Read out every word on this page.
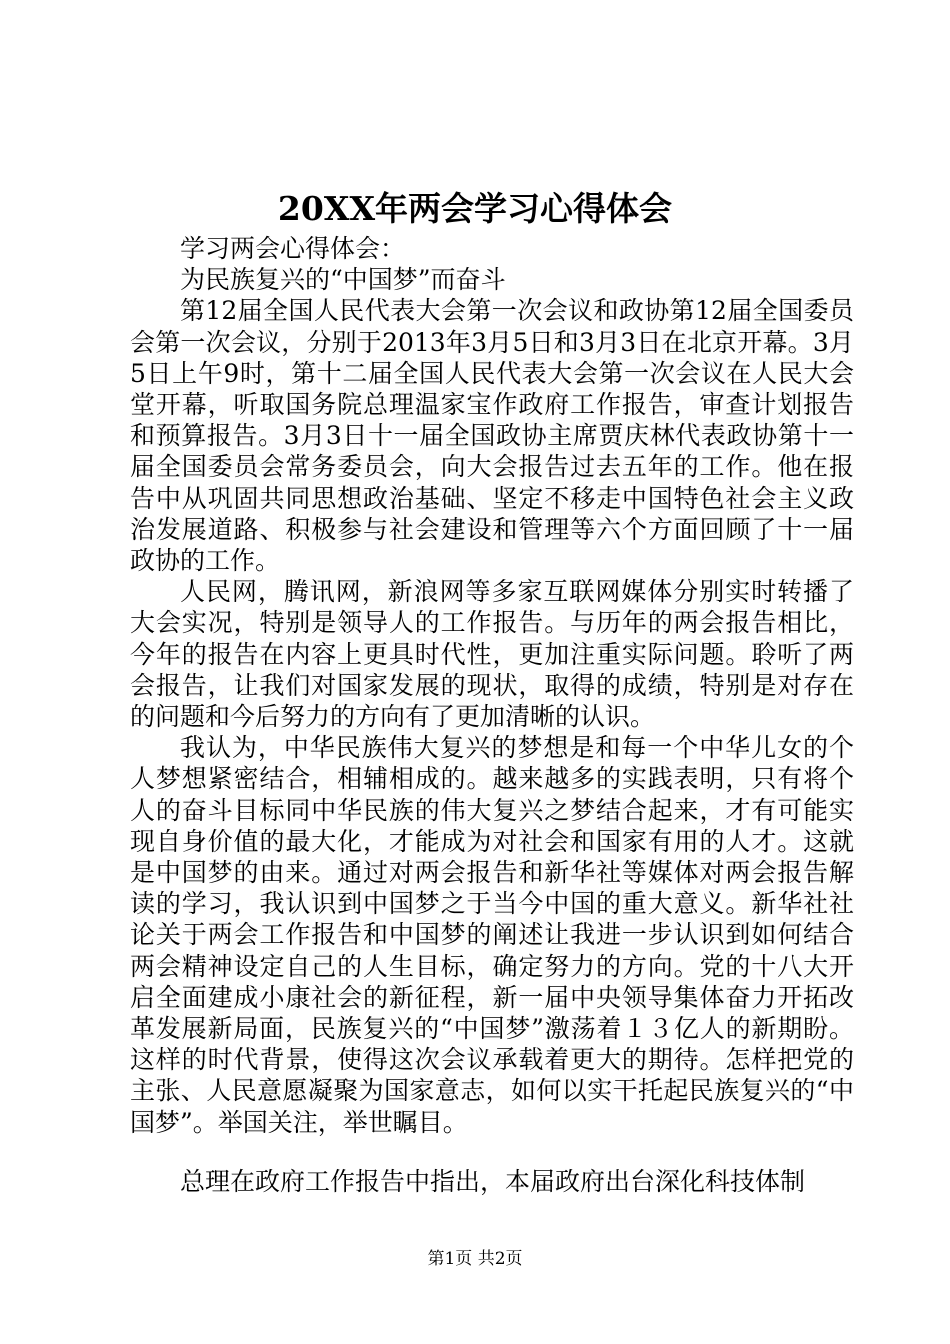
20XX年两会学习心得体会

学习两会心得体会：

为民族复兴的“中国梦”而奋斗

第12届全国人民代表大会第一次会议和政协第12届全国委员会第一次会议，分别于2013年3月5日和3月3日在北京开幕。3月5日上午9时，第十二届全国人民代表大会第一次会议在人民大会堂开幕，听取国务院总理温家宝作政府工作报告，审查计划报告和预算报告。3月3日十一届全国政协主席贾庆林代表政协第十一届全国委员会常务委员会，向大会报告过去五年的工作。他在报告中从巩固共同思想政治基础、坚定不移走中国特色社会主义政治发展道路、积极参与社会建设和管理等六个方面回顾了十一届政协的工作。

人民网，腾讯网，新浪网等多家互联网媒体分别实时转播了大会实况，特别是领导人的工作报告。与历年的两会报告相比，今年的报告在内容上更具时代性，更加注重实际问题。聆听了两会报告，让我们对国家发展的现状，取得的成绩，特别是对存在的问题和今后努力的方向有了更加清晰的认识。

我认为，中华民族伟大复兴的梦想是和每一个中华儿女的个人梦想紧密结合，相辅相成的。越来越多的实践表明，只有将个人的奋斗目标同中华民族的伟大复兴之梦结合起来，才有可能实现自身价值的最大化，才能成为对社会和国家有用的人才。这就是中国梦的由来。通过对两会报告和新华社等媒体对两会报告解读的学习，我认识到中国梦之于当今中国的重大意义。新华社社论关于两会工作报告和中国梦的阐述让我进一步认识到如何结合两会精神设定自己的人生目标，确定努力的方向。党的十八大开启全面建成小康社会的新征程，新一届中央领导集体奋力开拓改革发展新局面，民族复兴的“中国梦”激荡着１３亿人的新期盼。这样的时代背景，使得这次会议承载着更大的期待。怎样把党的主张、人民意愿凝聚为国家意志，如何以实干托起民族复兴的“中国梦”。举国关注，举世瞩目。

总理在政府工作报告中指出，本届政府出台深化科技体制

第1页 共2页
